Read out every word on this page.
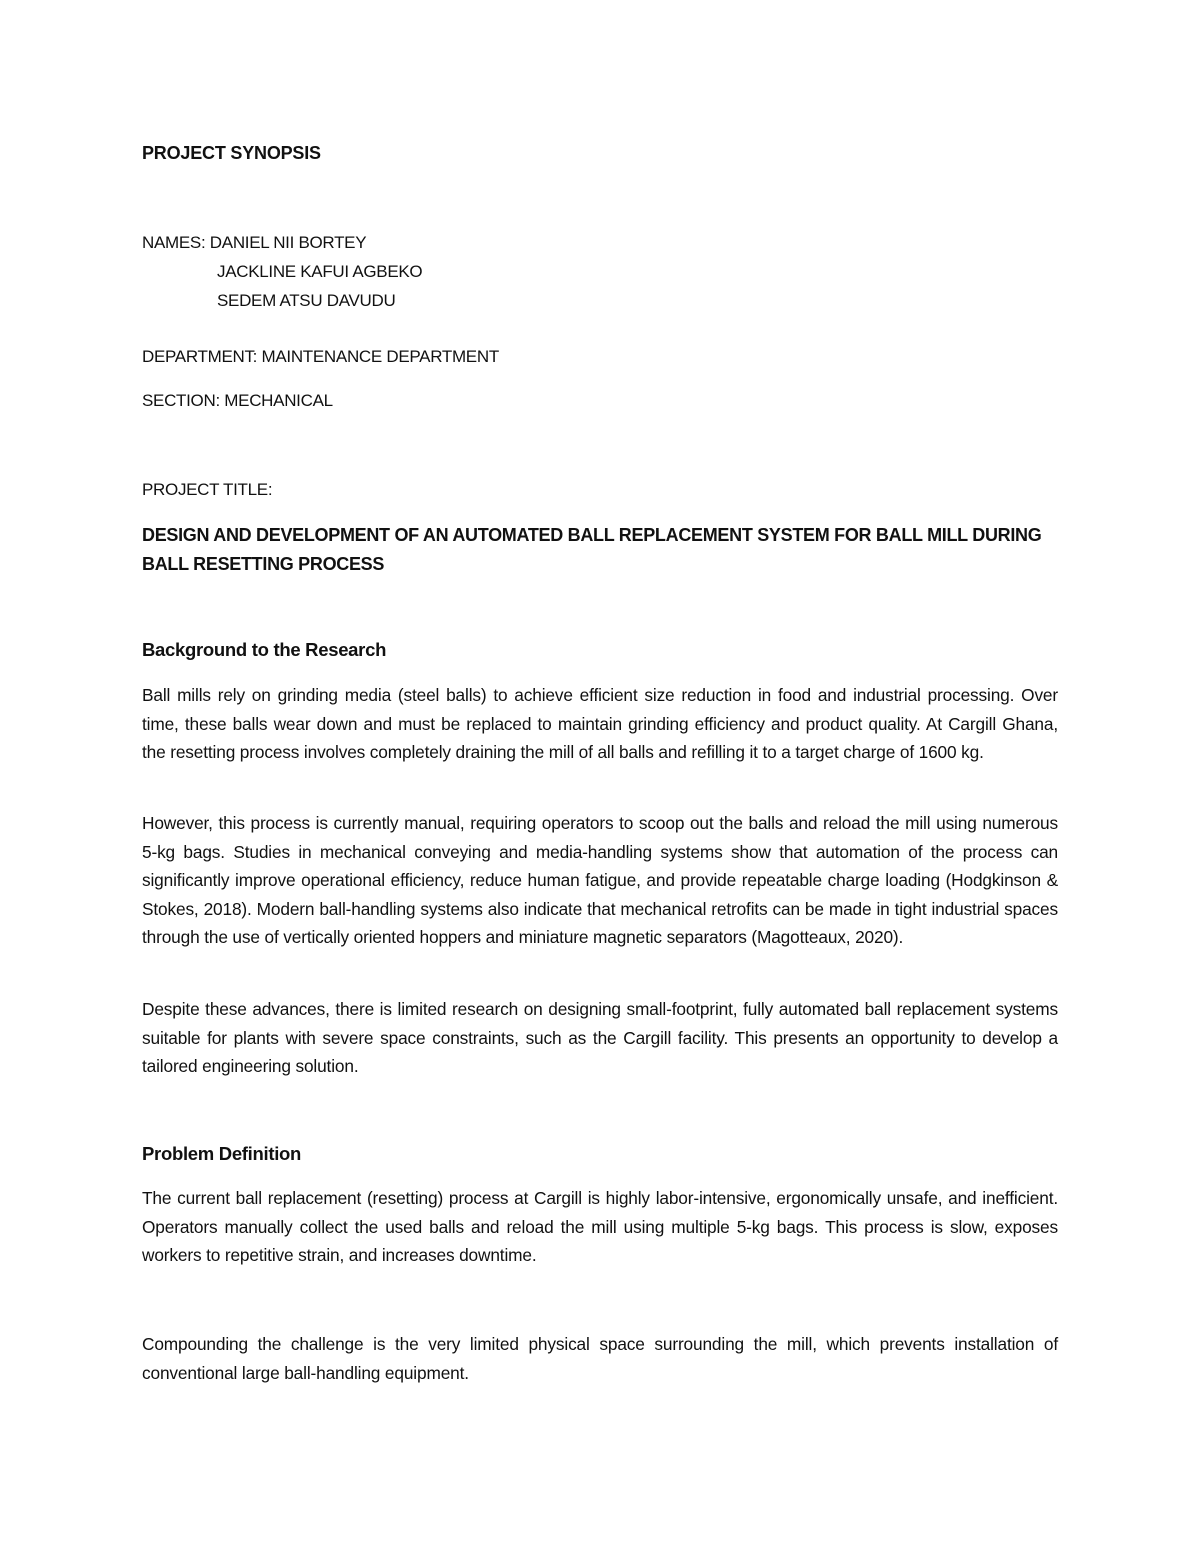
PROJECT SYNOPSIS

NAMES: DANIEL NII BORTEY

JACKLINE KAFUI AGBEKO

SEDEM ATSU DAVUDU

DEPARTMENT: MAINTENANCE DEPARTMENT

SECTION: MECHANICAL

PROJECT TITLE:

DESIGN AND DEVELOPMENT OF AN AUTOMATED BALL REPLACEMENT SYSTEM FOR BALL MILL DURING BALL RESETTING PROCESS
Background to the Research

Ball mills rely on grinding media (steel balls) to achieve efficient size reduction in food and industrial processing. Over time, these balls wear down and must be replaced to maintain grinding efficiency and product quality. At Cargill Ghana, the resetting process involves completely draining the mill of all balls and refilling it to a target charge of 1600 kg.

However, this process is currently manual, requiring operators to scoop out the balls and reload the mill using numerous 5-kg bags. Studies in mechanical conveying and media-handling systems show that automation of the process can significantly improve operational efficiency, reduce human fatigue, and provide repeatable charge loading (Hodgkinson & Stokes, 2018). Modern ball-handling systems also indicate that mechanical retrofits can be made in tight industrial spaces through the use of vertically oriented hoppers and miniature magnetic separators (Magotteaux, 2020).

Despite these advances, there is limited research on designing small-footprint, fully automated ball replacement systems suitable for plants with severe space constraints, such as the Cargill facility. This presents an opportunity to develop a tailored engineering solution.

Problem Definition

The current ball replacement (resetting) process at Cargill is highly labor-intensive, ergonomically unsafe, and inefficient. Operators manually collect the used balls and reload the mill using multiple 5-kg bags. This process is slow, exposes workers to repetitive strain, and increases downtime.

Compounding the challenge is the very limited physical space surrounding the mill, which prevents installation of conventional large ball-handling equipment.
